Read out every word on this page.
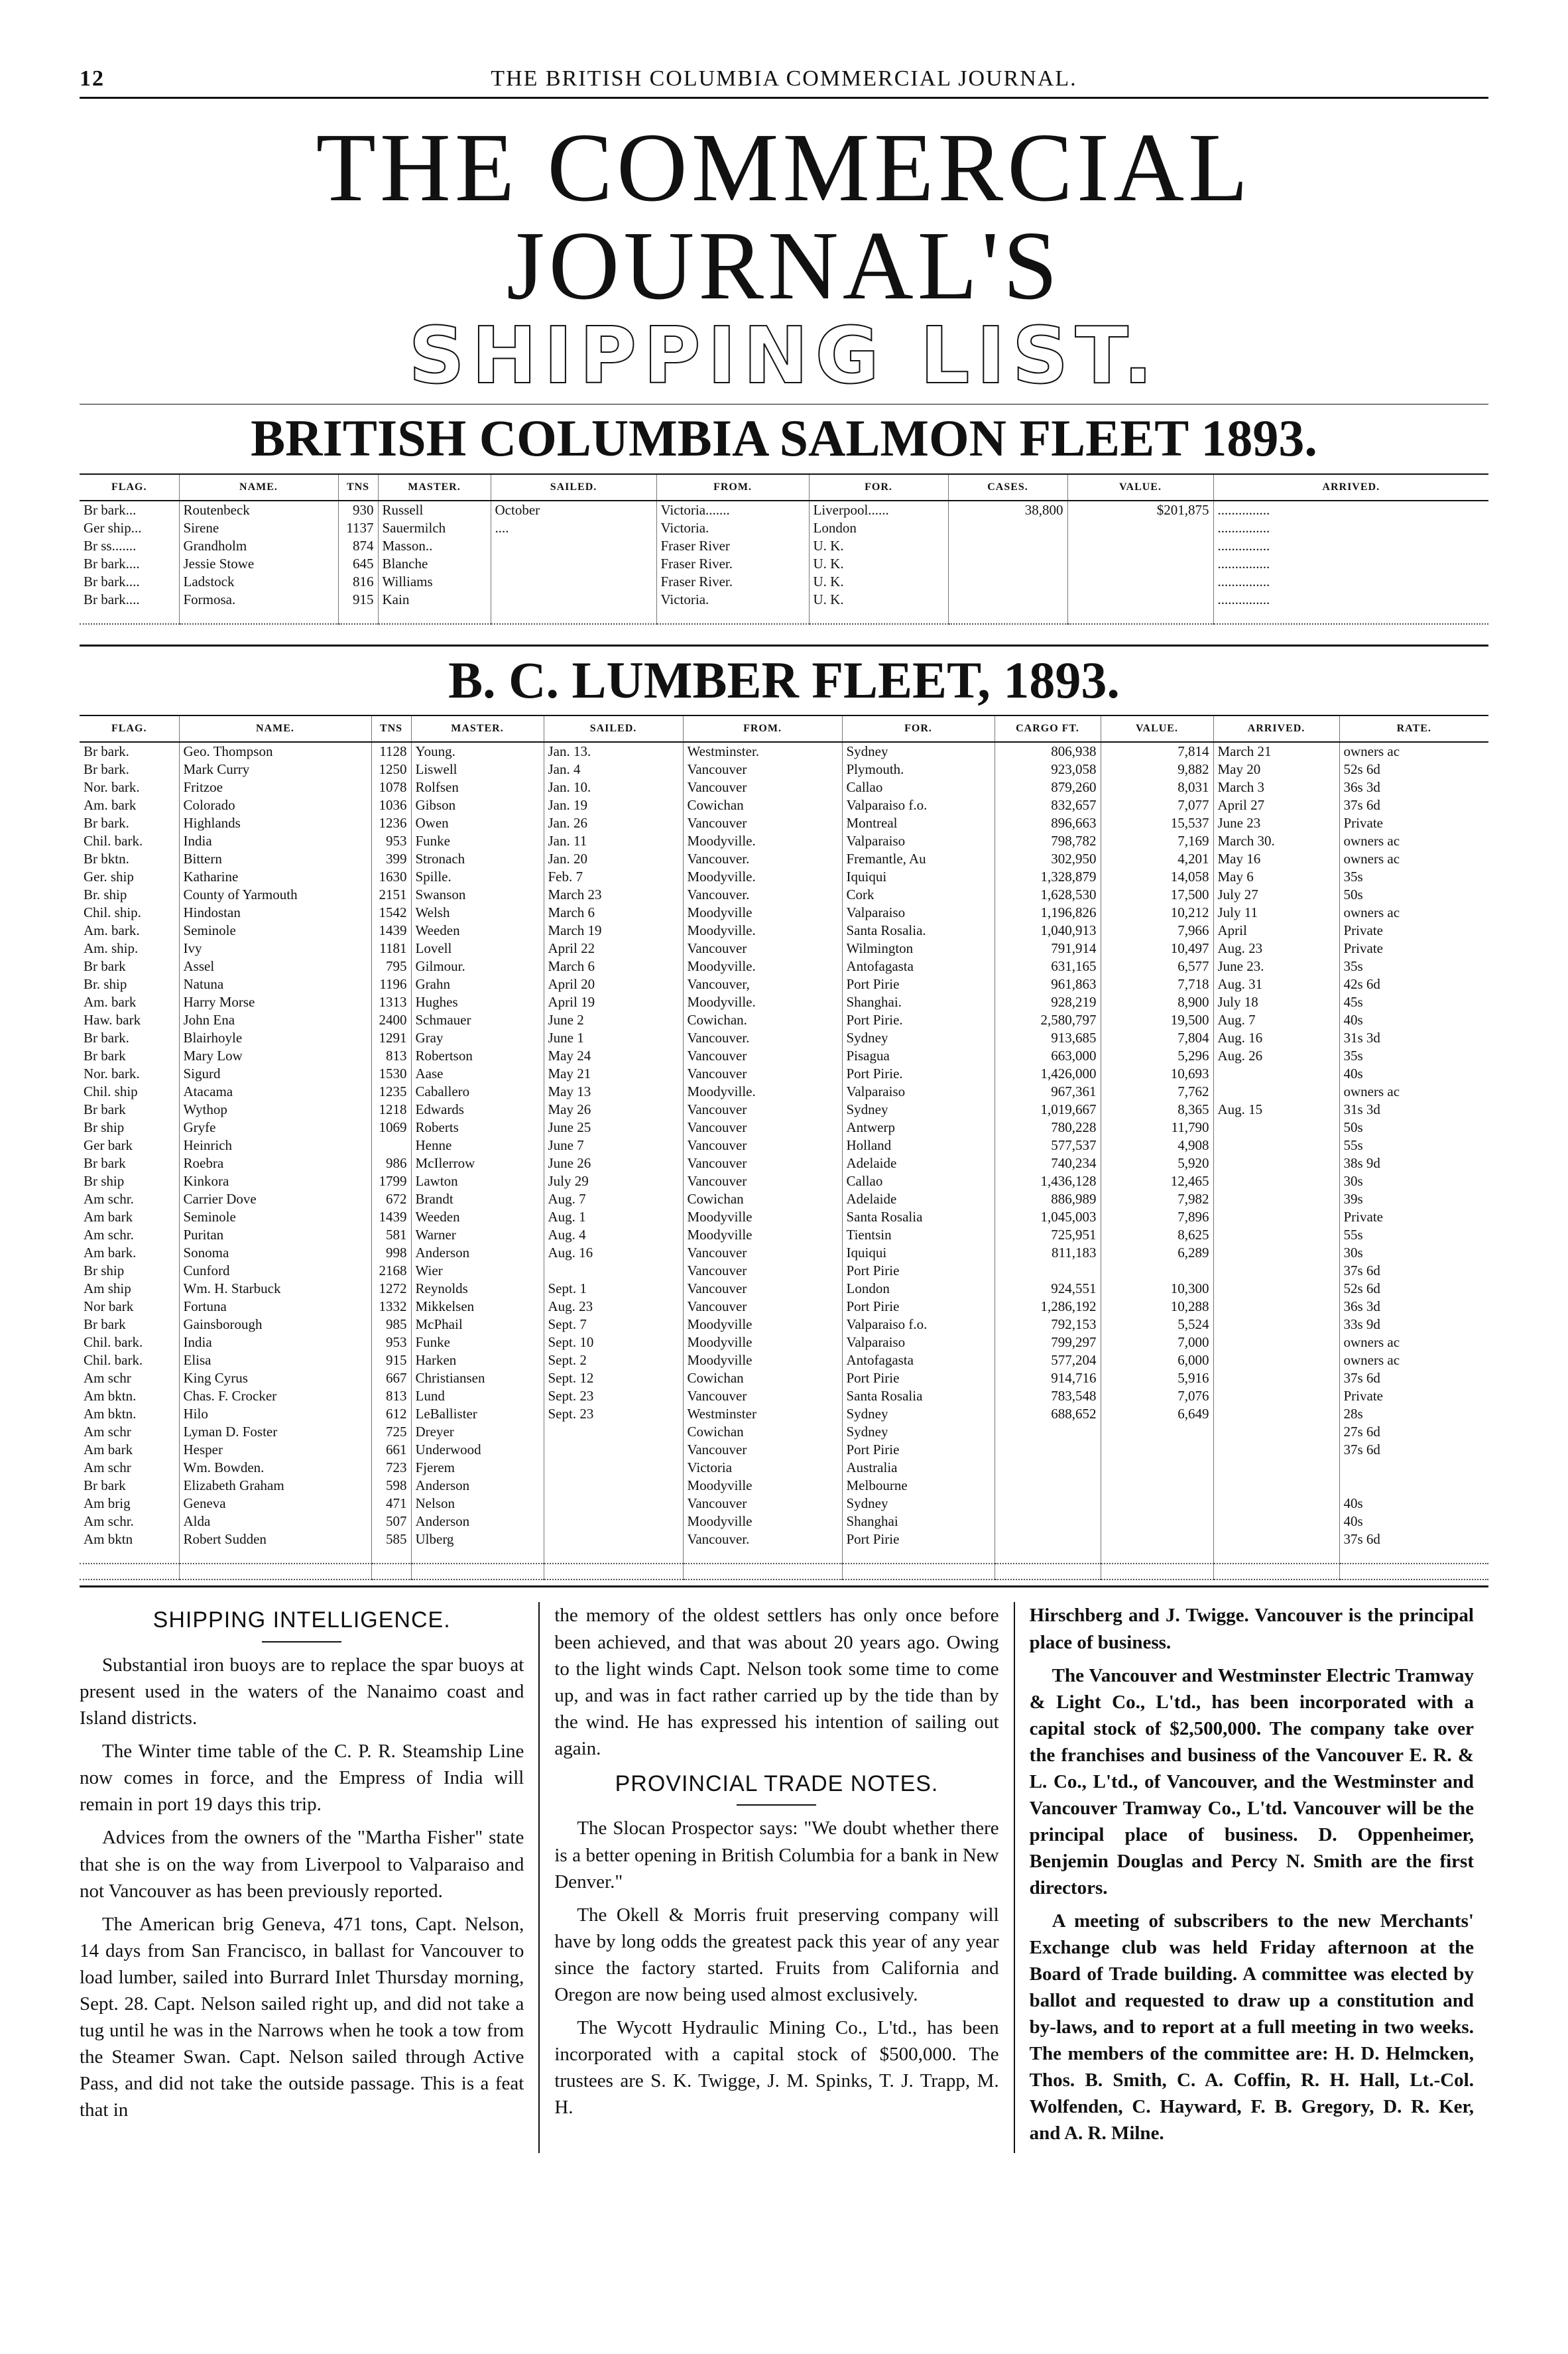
12	THE BRITISH COLUMBIA COMMERCIAL JOURNAL.
THE COMMERCIAL JOURNAL'S
SHIPPING LIST.
BRITISH COLUMBIA SALMON FLEET 1893.
FLAG.	NAME.	TNS	MASTER.	SAILED.	FROM.	FOR.	CASES.	VALUE.	ARRIVED.
Br bark...	Routenbeck	930	Russell	October	Victoria.......	Liverpool......	38,800	$201,875	...............
Ger ship...	Sirene	1137	Sauermilch	....	Victoria.	London			...............
Br ss.......	Grandholm	874	Masson..		Fraser River	U. K.			...............
Br bark....	Jessie Stowe	645	Blanche		Fraser River.	U. K.			...............
Br bark....	Ladstock	816	Williams		Fraser River.	U. K.			...............
Br bark....	Formosa.	915	Kain		Victoria.	U. K.			...............

B. C. LUMBER FLEET, 1893.
FLAG.	NAME.	TNS	MASTER.	SAILED.	FROM.	FOR.	CARGO FT.	VALUE.	ARRIVED.	RATE.
Br bark.	Geo. Thompson	1128	Young.	Jan. 13.	Westminster.	Sydney	806,938	7,814	March 21	owners ac
Br bark.	Mark Curry	1250	Liswell	Jan. 4	Vancouver	Plymouth.	923,058	9,882	May 20	52s 6d
Nor. bark.	Fritzoe	1078	Rolfsen	Jan. 10.	Vancouver	Callao	879,260	8,031	March 3	36s 3d
Am. bark	Colorado	1036	Gibson	Jan. 19	Cowichan	Valparaiso f.o.	832,657	7,077	April 27	37s 6d
Br bark.	Highlands	1236	Owen	Jan. 26	Vancouver	Montreal	896,663	15,537	June 23	Private
Chil. bark.	India	953	Funke	Jan. 11	Moodyville.	Valparaiso	798,782	7,169	March 30.	owners ac
Br bktn.	Bittern	399	Stronach	Jan. 20	Vancouver.	Fremantle, Au	302,950	4,201	May 16	owners ac
Ger. ship	Katharine	1630	Spille.	Feb. 7	Moodyville.	Iquiqui	1,328,879	14,058	May 6	35s
Br. ship	County of Yarmouth	2151	Swanson	March 23	Vancouver.	Cork	1,628,530	17,500	July 27	50s
Chil. ship.	Hindostan	1542	Welsh	March 6	Moodyville	Valparaiso	1,196,826	10,212	July 11	owners ac
Am. bark.	Seminole	1439	Weeden	March 19	Moodyville.	Santa Rosalia.	1,040,913	7,966	April	Private
Am. ship.	Ivy	1181	Lovell	April 22	Vancouver	Wilmington	791,914	10,497	Aug. 23	Private
Br bark	Assel	795	Gilmour.	March 6	Moodyville.	Antofagasta	631,165	6,577	June 23.	35s
Br. ship	Natuna	1196	Grahn	April 20	Vancouver,	Port Pirie	961,863	7,718	Aug. 31	42s 6d
Am. bark	Harry Morse	1313	Hughes	April 19	Moodyville.	Shanghai.	928,219	8,900	July 18	45s
Haw. bark	John Ena	2400	Schmauer	June 2	Cowichan.	Port Pirie.	2,580,797	19,500	Aug. 7	40s
Br bark.	Blairhoyle	1291	Gray	June 1	Vancouver.	Sydney	913,685	7,804	Aug. 16	31s 3d
Br bark	Mary Low	813	Robertson	May 24	Vancouver	Pisagua	663,000	5,296	Aug. 26	35s
Nor. bark.	Sigurd	1530	Aase	May 21	Vancouver	Port Pirie.	1,426,000	10,693		40s
Chil. ship	Atacama	1235	Caballero	May 13	Moodyville.	Valparaiso	967,361	7,762		owners ac
Br bark	Wythop	1218	Edwards	May 26	Vancouver	Sydney	1,019,667	8,365	Aug. 15	31s 3d
Br ship	Gryfe	1069	Roberts	June 25	Vancouver	Antwerp	780,228	11,790		50s
Ger bark	Heinrich		Henne	June 7	Vancouver	Holland	577,537	4,908		55s
Br bark	Roebra	986	McIlerrow	June 26	Vancouver	Adelaide	740,234	5,920		38s 9d
Br ship	Kinkora	1799	Lawton	July 29	Vancouver	Callao	1,436,128	12,465		30s
Am schr.	Carrier Dove	672	Brandt	Aug. 7	Cowichan	Adelaide	886,989	7,982		39s
Am bark	Seminole	1439	Weeden	Aug. 1	Moodyville	Santa Rosalia	1,045,003	7,896		Private
Am schr.	Puritan	581	Warner	Aug. 4	Moodyville	Tientsin	725,951	8,625		55s
Am bark.	Sonoma	998	Anderson	Aug. 16	Vancouver	Iquiqui	811,183	6,289		30s
Br ship	Cunford	2168	Wier		Vancouver	Port Pirie				37s 6d
Am ship	Wm. H. Starbuck	1272	Reynolds	Sept. 1	Vancouver	London	924,551	10,300		52s 6d
Nor bark	Fortuna	1332	Mikkelsen	Aug. 23	Vancouver	Port Pirie	1,286,192	10,288		36s 3d
Br bark	Gainsborough	985	McPhail	Sept. 7	Moodyville	Valparaiso f.o.	792,153	5,524		33s 9d
Chil. bark.	India	953	Funke	Sept. 10	Moodyville	Valparaiso	799,297	7,000		owners ac
Chil. bark.	Elisa	915	Harken	Sept. 2	Moodyville	Antofagasta	577,204	6,000		owners ac
Am schr	King Cyrus	667	Christiansen	Sept. 12	Cowichan	Port Pirie	914,716	5,916		37s 6d
Am bktn.	Chas. F. Crocker	813	Lund	Sept. 23	Vancouver	Santa Rosalia	783,548	7,076		Private
Am bktn.	Hilo	612	LeBallister	Sept. 23	Westminster	Sydney	688,652	6,649		28s
Am schr	Lyman D. Foster	725	Dreyer		Cowichan	Sydney				27s 6d
Am bark	Hesper	661	Underwood		Vancouver	Port Pirie				37s 6d
Am schr	Wm. Bowden.	723	Fjerem		Victoria	Australia				
Br bark	Elizabeth Graham	598	Anderson		Moodyville	Melbourne				
Am brig	Geneva	471	Nelson		Vancouver	Sydney				40s
Am schr.	Alda	507	Anderson		Moodyville	Shanghai				40s
Am bktn	Robert Sudden	585	Ulberg		Vancouver.	Port Pirie				37s 6d

SHIPPING INTELLIGENCE.

Substantial iron buoys are to replace the spar buoys at present used in the waters of the Nanaimo coast and Island districts.

The Winter time table of the C. P. R. Steamship Line now comes in force, and the Empress of India will remain in port 19 days this trip.

Advices from the owners of the "Martha Fisher" state that she is on the way from Liverpool to Valparaiso and not Vancouver as has been previously reported.

The American brig Geneva, 471 tons, Capt. Nelson, 14 days from San Francisco, in ballast for Vancouver to load lumber, sailed into Burrard Inlet Thursday morning, Sept. 28. Capt. Nelson sailed right up, and did not take a tug until he was in the Narrows when he took a tow from the Steamer Swan. Capt. Nelson sailed through Active Pass, and did not take the outside passage. This is a feat that in

the memory of the oldest settlers has only once before been achieved, and that was about 20 years ago. Owing to the light winds Capt. Nelson took some time to come up, and was in fact rather carried up by the tide than by the wind. He has expressed his intention of sailing out again.

PROVINCIAL TRADE NOTES.

The Slocan Prospector says: "We doubt whether there is a better opening in British Columbia for a bank in New Denver."

The Okell & Morris fruit preserving company will have by long odds the greatest pack this year of any year since the factory started. Fruits from California and Oregon are now being used almost exclusively.

The Wycott Hydraulic Mining Co., L'td., has been incorporated with a capital stock of $500,000. The trustees are S. K. Twigge, J. M. Spinks, T. J. Trapp, M. H.

Hirschberg and J. Twigge. Vancouver is the principal place of business.

The Vancouver and Westminster Electric Tramway & Light Co., L'td., has been incorporated with a capital stock of $2,500,000. The company take over the franchises and business of the Vancouver E. R. & L. Co., L'td., of Vancouver, and the Westminster and Vancouver Tramway Co., L'td. Vancouver will be the principal place of business. D. Oppenheimer, Benjemin Douglas and Percy N. Smith are the first directors.

A meeting of subscribers to the new Merchants' Exchange club was held Friday afternoon at the Board of Trade building. A committee was elected by ballot and requested to draw up a constitution and by-laws, and to report at a full meeting in two weeks. The members of the committee are: H. D. Helmcken, Thos. B. Smith, C. A. Coffin, R. H. Hall, Lt.-Col. Wolfenden, C. Hayward, F. B. Gregory, D. R. Ker, and A. R. Milne.
